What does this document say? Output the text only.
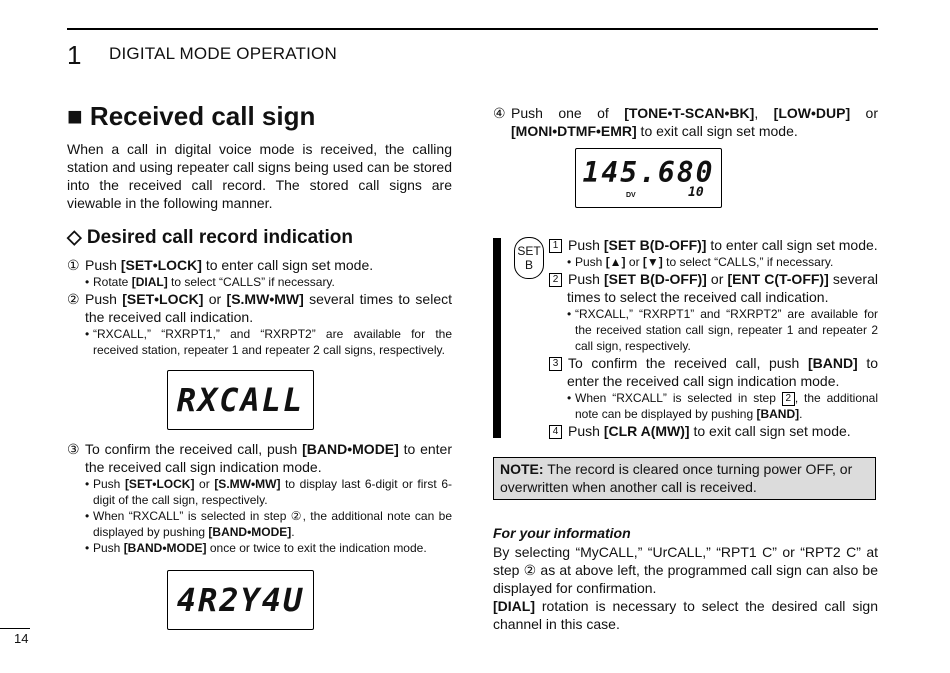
1 DIGITAL MODE OPERATION
■ Received call sign

When a call in digital voice mode is received, the calling station and using repeater call signs being used can be stored into the received call record. The stored call signs are viewable in the following manner.

◇ Desired call record indication
① Push [SET•LOCK] to enter call sign set mode.
• Rotate [DIAL] to select “CALLS” if necessary.
② Push [SET•LOCK] or [S.MW•MW] several times to select the received call indication.
• “RXCALL,” “RXRPT1,” and “RXRPT2” are available for the received station, repeater 1 and repeater 2 call signs, respectively.
RXCALL
③ To confirm the received call, push [BAND•MODE] to enter the received call sign indication mode.
• Push [SET•LOCK] or [S.MW•MW] to display last 6-digit or first 6-digit of the call sign, respectively.
• When “RXCALL” is selected in step ②, the additional note can be displayed by pushing [BAND•MODE].
• Push [BAND•MODE] once or twice to exit the indication mode.
4R2Y4U
④ Push one of [TONE•T-SCAN•BK], [LOW•DUP] or [MONI•DTMF•EMR] to exit call sign set mode.
145.680
DV	10
SET
B
1 Push [SET B(D-OFF)] to enter call sign set mode.
• Push [▲] or [▼] to select “CALLS,” if necessary.
2 Push [SET B(D-OFF)] or [ENT C(T-OFF)] several times to select the received call indication.
• “RXCALL,” “RXRPT1” and “RXRPT2” are available for the received station call sign, repeater 1 and repeater 2 call sign, respectively.
3 To confirm the received call, push [BAND] to enter the received call sign indication mode.
• When “RXCALL” is selected in step 2 , the additional note can be displayed by pushing [BAND].
4 Push [CLR A(MW)] to exit call sign set mode.
NOTE: The record is cleared once turning power OFF, or overwritten when another call is received.
For your information

By selecting “MyCALL,” “UrCALL,” “RPT1 C” or “RPT2 C” at step ② as at above left, the programmed call sign can also be displayed for confirmation.

[DIAL] rotation is necessary to select the desired call sign channel in this case.

14
